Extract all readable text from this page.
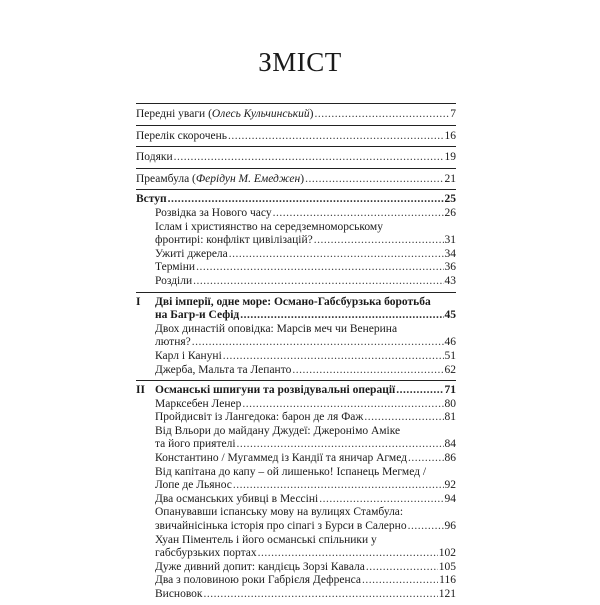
ЗМІСТ
Передні уваги (Олесь Кульчинський) .....	7
Перелік скорочень .....	16
Подяки .....	19
Преамбула (Ферідун М. Емеджен) .....	21
Вступ .....	25
Розвідка за Нового часу .....	26
Іслам і християнство на середземноморському
фронтирі: конфлікт цивілізацій? .....	31
Ужиті джерела .....	34
Терміни .....	36
Розділи .....	43
I	Дві імперії, одне море: Османо-Габсбурзька боротьба
на Багр-и Сефід .....	45
Двох династій оповідка: Марсів меч чи Венерина
лютня? .....	46
Карл і Кануні .....	51
Джерба, Мальта та Лепанто .....	62
II Османські шпигуни та розвідувальні операції .....	71
Марксебен Ленер .....	80
Пройдисвіт із Лангедока: барон де ля Фаж .....	81
Від Вльори до майдану Джудеї: Джеронімо Аміке
та його приятелі .....	84
Константино / Мугаммед із Кандії та яничар Агмед .....	86
Від капітана до капу – ой лишенько! Іспанець Мегмед /
Лопе де Льянос .....	92
Два османських убивці в Мессіні .....	94
Опанувавши іспанську мову на вулицях Стамбула:
звичайнісінька історія про сіпагі з Бурси в Салерно .....	96
Хуан Піментель і його османські спільники у
габсбурзьких портах .....	102
Дуже дивний допит: кандієць Зорзі Кавала .....	105
Два з половиною роки Габрієля Дефренса .....	116
Висновок .....	121
